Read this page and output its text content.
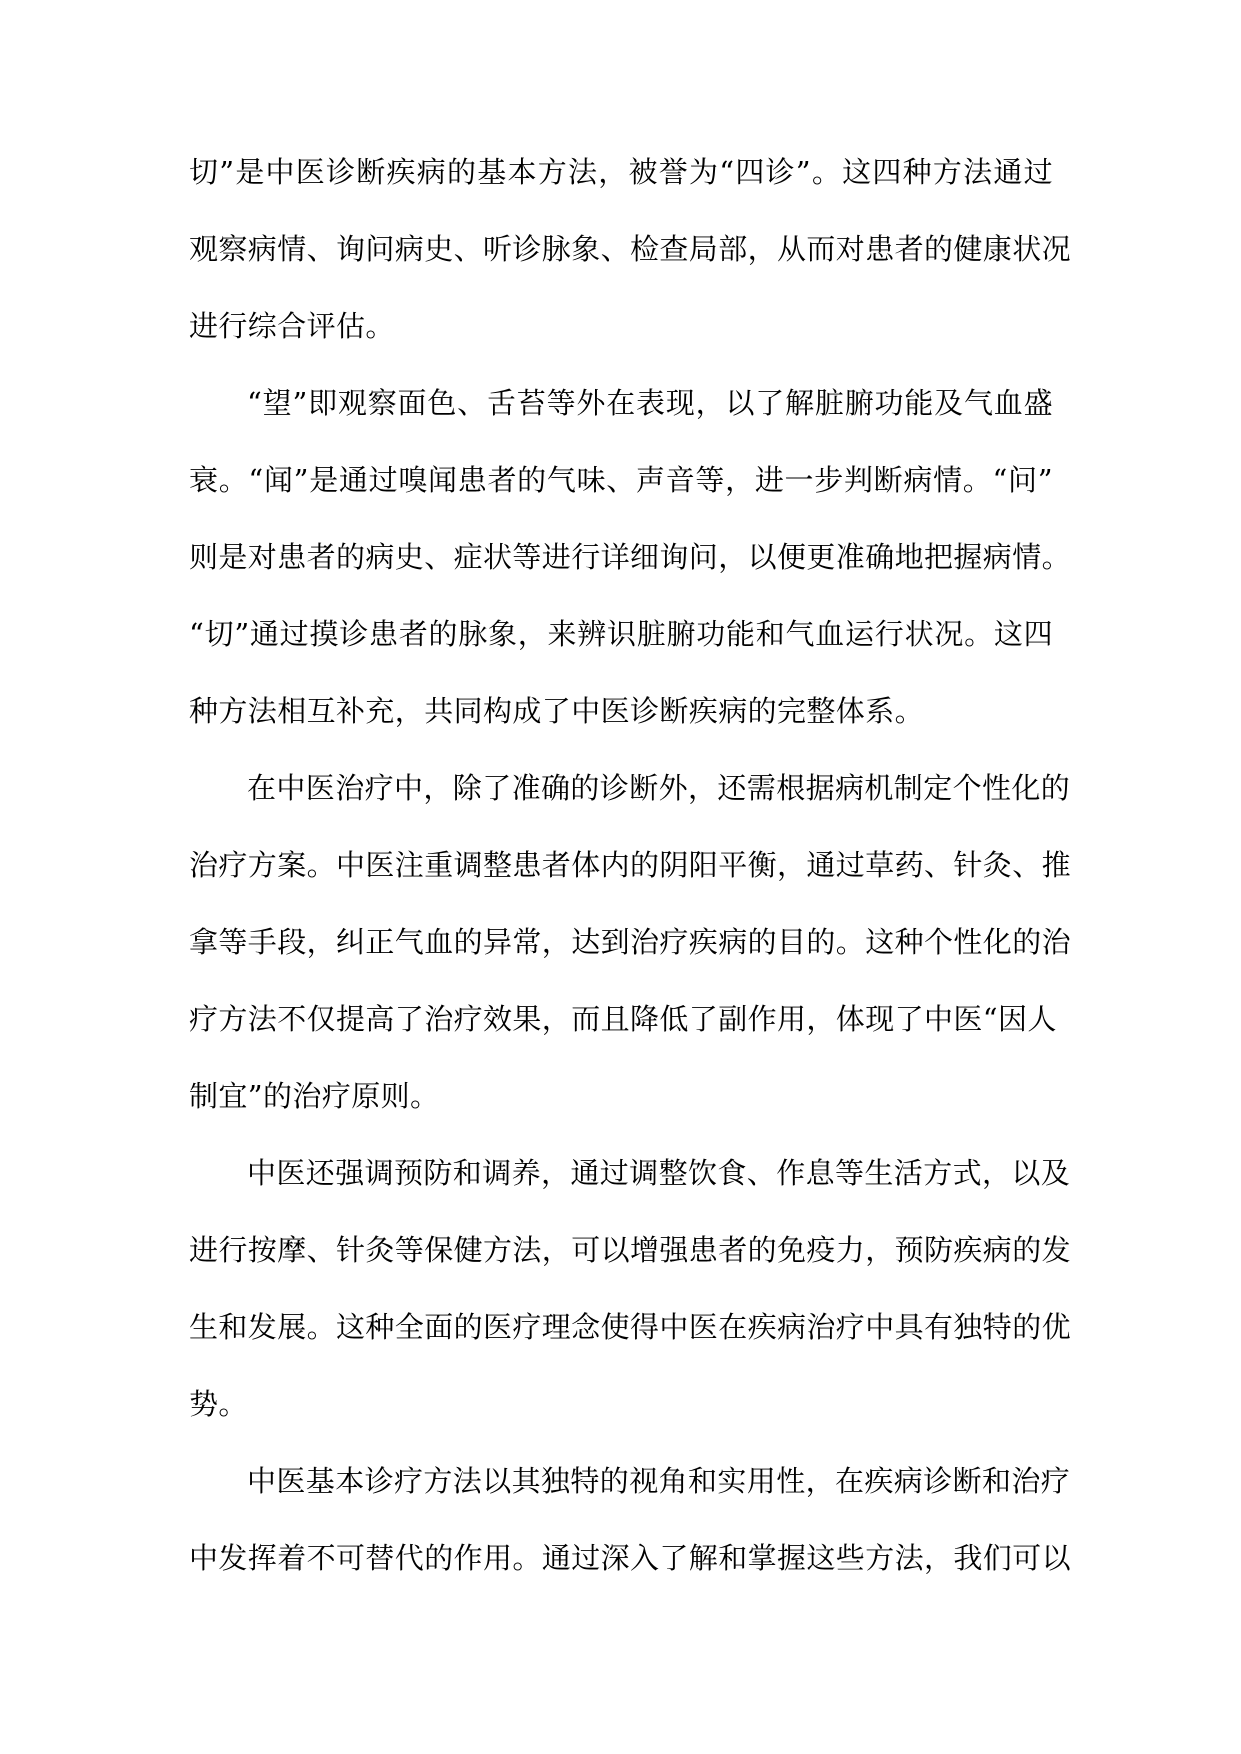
切”是中医诊断疾病的基本方法，被誉为“四诊”。这四种方法通过
观察病情、询问病史、听诊脉象、检查局部，从而对患者的健康状况
进行综合评估。
“望”即观察面色、舌苔等外在表现，以了解脏腑功能及气血盛
衰。“闻”是通过嗅闻患者的气味、声音等，进一步判断病情。“问”
则是对患者的病史、症状等进行详细询问，以便更准确地把握病情。
“切”通过摸诊患者的脉象，来辨识脏腑功能和气血运行状况。这四
种方法相互补充，共同构成了中医诊断疾病的完整体系。
在中医治疗中，除了准确的诊断外，还需根据病机制定个性化的
治疗方案。中医注重调整患者体内的阴阳平衡，通过草药、针灸、推
拿等手段，纠正气血的异常，达到治疗疾病的目的。这种个性化的治
疗方法不仅提高了治疗效果，而且降低了副作用，体现了中医“因人
制宜”的治疗原则。
中医还强调预防和调养，通过调整饮食、作息等生活方式，以及
进行按摩、针灸等保健方法，可以增强患者的免疫力，预防疾病的发
生和发展。这种全面的医疗理念使得中医在疾病治疗中具有独特的优
势。
中医基本诊疗方法以其独特的视角和实用性，在疾病诊断和治疗
中发挥着不可替代的作用。通过深入了解和掌握这些方法，我们可以
